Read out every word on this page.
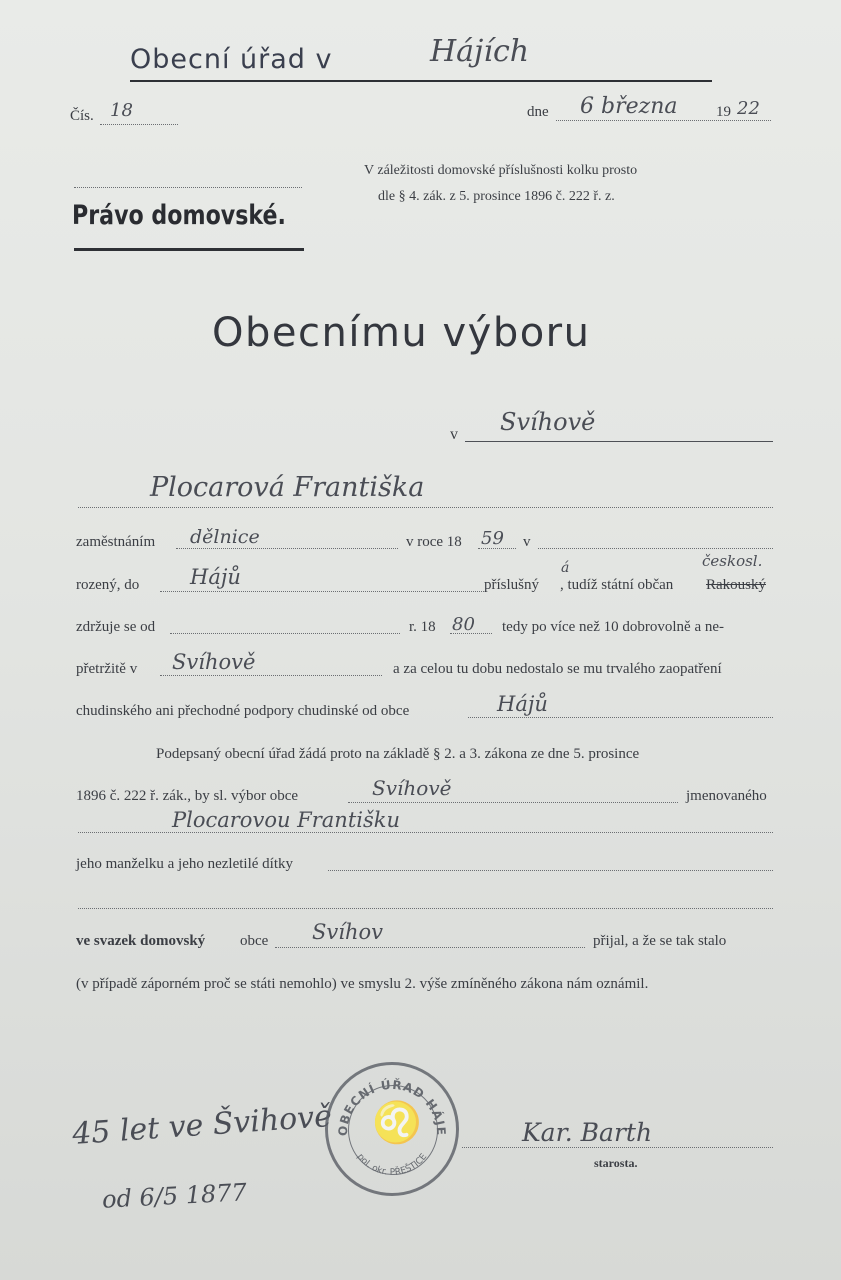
Obecní úřad v	Hájích
Čís. 18	dne 6 března	19 22
V záležitosti domovské příslušnosti kolku prosto
dle § 4. zák. z 5. prosince 1896 č. 222 ř. z.
Právo domovské.
Obecnímu výboru
v Svíhově
Plocarová Františka
zaměstnáním dělnice	v roce 18 59 v
rozený, do Hájů	příslušný
á
, tudíž státní občan Rakouský
českosl.
zdržuje se od	r. 18 80 tedy po více než 10 dobrovolně a ne-
přetržitě v Svíhově	a za celou tu dobu nedostalo se mu trvalého zaopatření
chudinského ani přechodné podpory chudinské od obce	Hájů
Podepsaný obecní úřad žádá proto na základě § 2. a 3. zákona ze dne 5. prosince
1896 č. 222 ř. zák., by sl. výbor obce	Svíhově	jmenovaného
Plocarovou Františku
jeho manželku a jeho nezletilé dítky
ve svazek domovský obce Svíhov	přijal, a že se tak stalo
(v případě záporném proč se státi nemohlo) ve smyslu 2. výše zmíněného zákona nám oznámil.
45 let ve Švihově
od 6/5 1877
♌
OBECNÍ ÚŘAD HÁJE
pol. okr. PŘEŠTICE
Kar. Barth
starosta.
